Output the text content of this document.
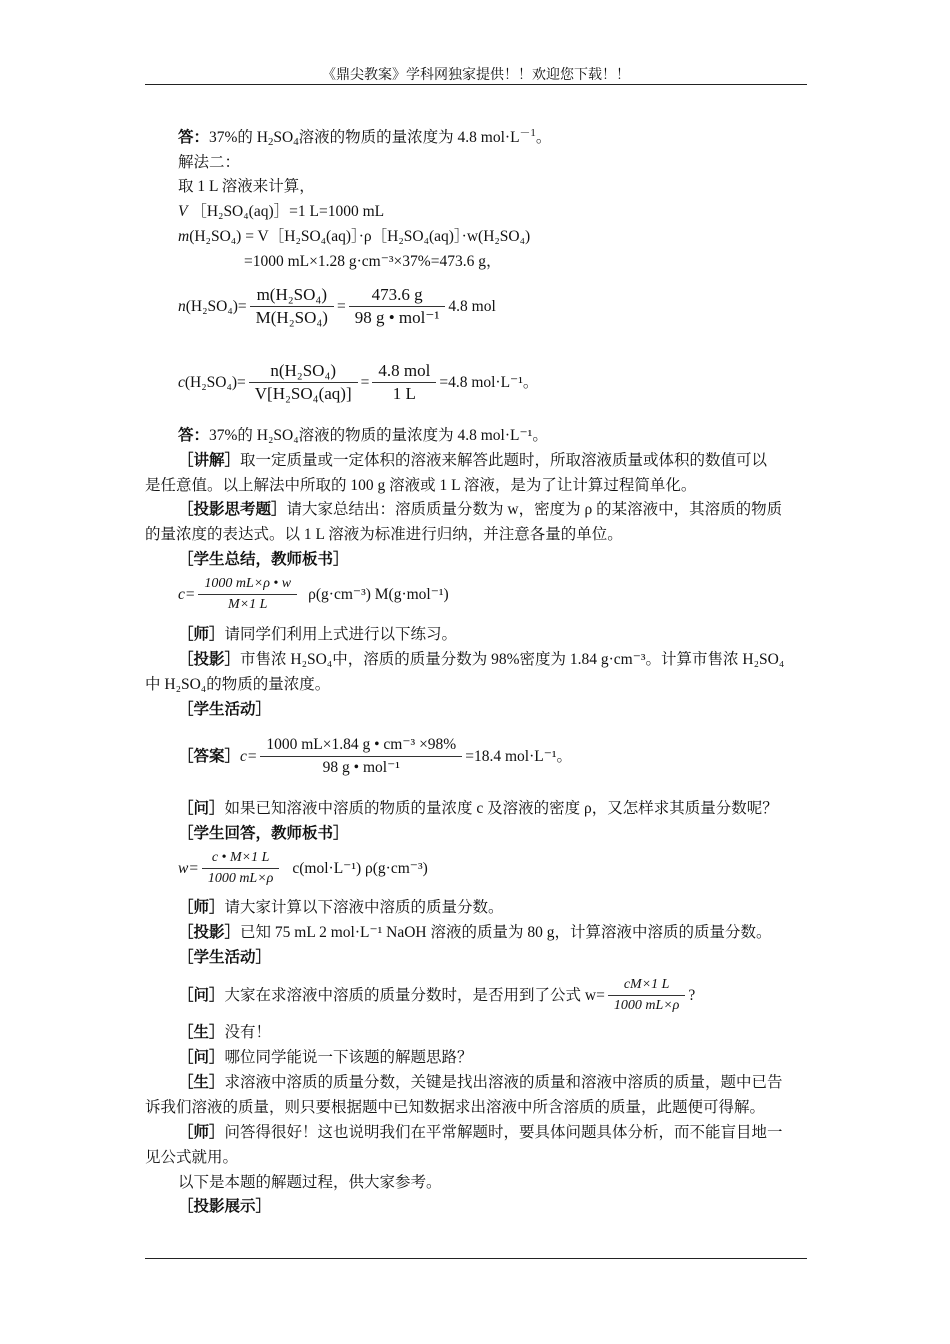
《鼎尖教案》学科网独家提供！！欢迎您下载！！
答：37%的 $H_2SO_4$溶液的物质的量浓度为 4.8 $mol\cdot L^{-1}$。
解法二：
取 1 L 溶液来计算，
V ［H₂SO₄(aq)］=1 L=1000 mL
m(H₂SO₄) = V［H₂SO₄(aq)］·ρ［H₂SO₄(aq)］·w(H₂SO₄)
=1000 mL×1.28 g·cm⁻³×37%=473.6 g，
n $(H_2SO_4)= \frac{\text{m(H₂SO₄)}}{\text{M(H₂SO₄)}} = \frac{473.6 g}{\text{98 g • mol⁻¹}} 4.8$ mol
c $(H_2SO_4)= \frac{\text{n(H₂SO₄)}}{\text{V[H₂SO₄(aq)]}} = \frac{\text{4.8 mol}}{1 L} =4.8$ mol·L⁻¹。
答：37%的 H₂SO₄溶液的物质的量浓度为 4.8 mol·L⁻¹。
［讲解］取一定质量或一定体积的溶液来解答此题时，所取溶液质量或体积的数值可以
是任意值。以上解法中所取的 100 g 溶液或 1 L 溶液，是为了让计算过程简单化。
［投影思考题］请大家总结出：溶质质量分数为 w，密度为 ρ 的某溶液中，其溶质的物质
的量浓度的表达式。以 1 L 溶液为标准进行归纳，并注意各量的单位。
［学生总结，教师板书］
$c= \frac{1000 mL\times\rho • w}{M\times 1 L} \rho(g\cdot cm^{-3})$ M(g·mol⁻¹)
［师］请同学们利用上式进行以下练习。
［投影］市售浓 H₂SO₄中，溶质的质量分数为 98%密度为 1.84 g·cm⁻³。计算市售浓 H₂SO₄
中 H₂SO₄的物质的量浓度。
［学生活动］
［答案］ $c= \frac{\text{1000 mL×1.84 g • cm⁻³ ×98\%}}{\text{98 g • mol⁻¹}} =18.4$ mol·L⁻¹。
［问］如果已知溶液中溶质的物质的量浓度 c 及溶液的密度 ρ，又怎样求其质量分数呢？
［学生回答，教师板书］
$w= \frac{c • M\times 1 L}{1000 mL\times\rho} c(mol\cdot L^{-1})$ ρ(g·cm⁻³)
［师］请大家计算以下溶液中溶质的质量分数。
［投影］已知 75 mL 2 mol·L⁻¹ NaOH 溶液的质量为 80 g，计算溶液中溶质的质量分数。
［学生活动］
［问］ 大家在求溶液中溶质的质量分数时，是否用到了公式 $w= \frac{cM\times 1 L}{1000 mL\times\rho}$ ?
［生］没有！
［问］哪位同学能说一下该题的解题思路？
［生］求溶液中溶质的质量分数，关键是找出溶液的质量和溶液中溶质的质量，题中已告
诉我们溶液的质量，则只要根据题中已知数据求出溶液中所含溶质的质量，此题便可得解。
［师］问答得很好！这也说明我们在平常解题时，要具体问题具体分析，而不能盲目地一
见公式就用。
以下是本题的解题过程，供大家参考。
［投影展示］
